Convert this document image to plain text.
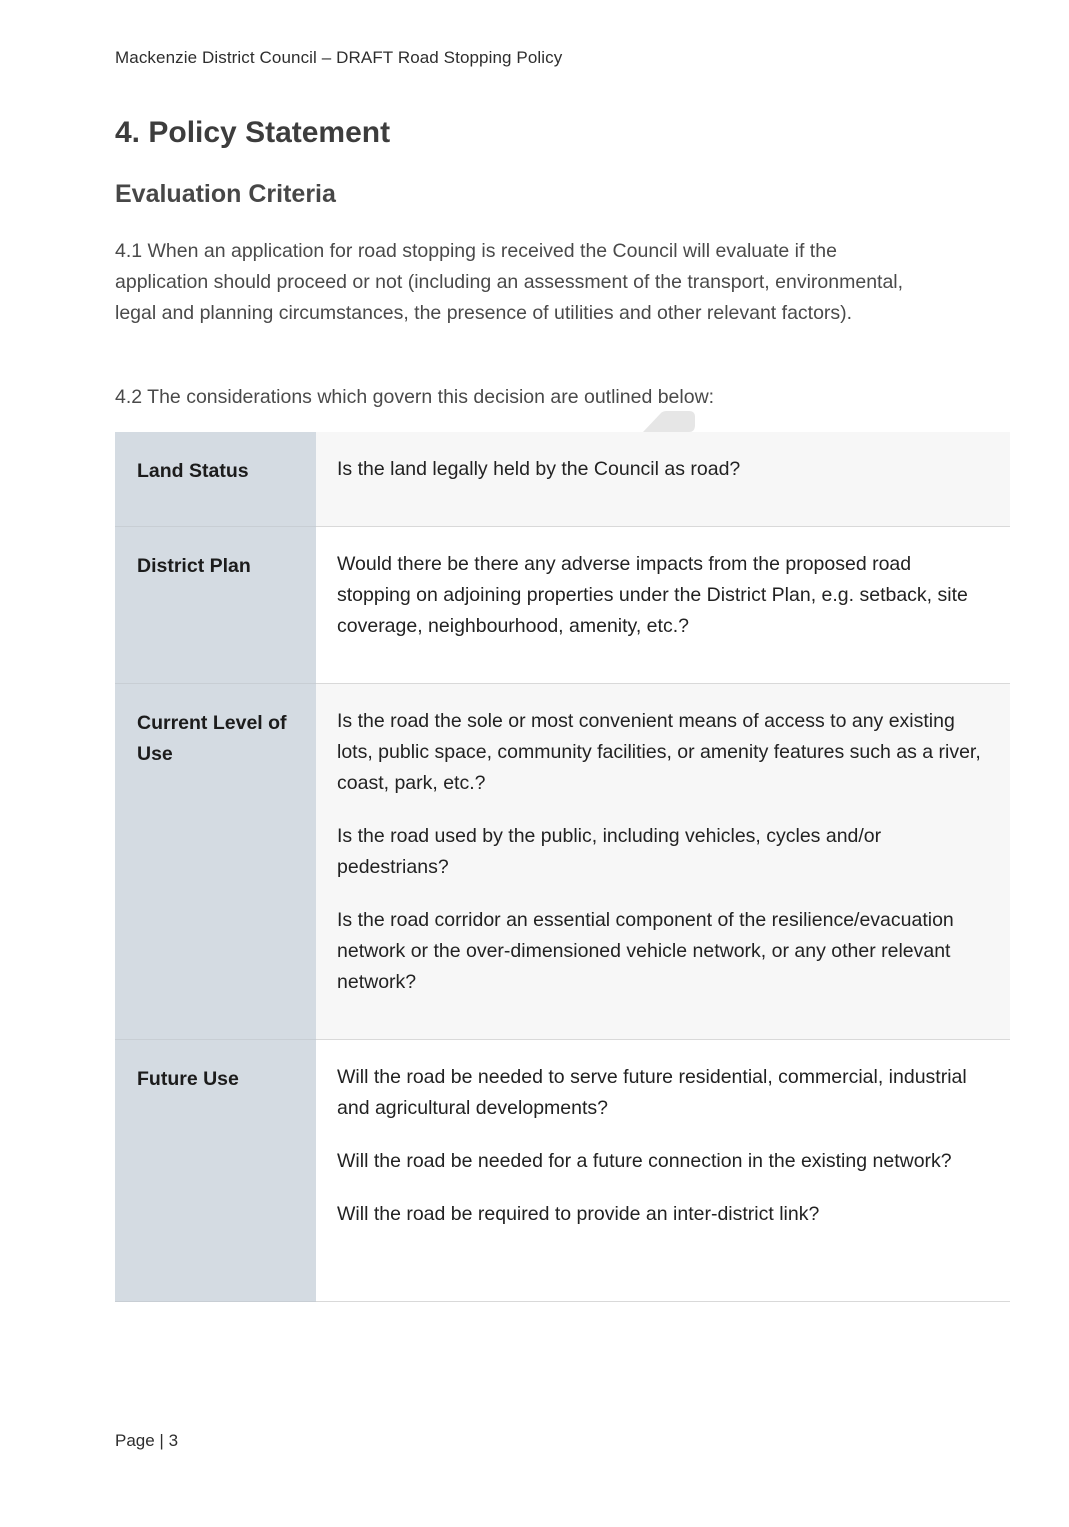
Mackenzie District Council – DRAFT Road Stopping Policy
4. Policy Statement
Evaluation Criteria

4.1 When an application for road stopping is received the Council will evaluate if the application should proceed or not (including an assessment of the transport, environmental, legal and planning circumstances, the presence of utilities and other relevant factors).

4.2 The considerations which govern this decision are outlined below:

Land Status	Is the land legally held by the Council as road?

District Plan	Would there be there any adverse impacts from the proposed road stopping on adjoining properties under the District Plan, e.g. setback, site coverage, neighbourhood, amenity, etc.?

Current Level of Use	Is the road the sole or most convenient means of access to any existing lots, public space, community facilities, or amenity features such as a river, coast, park, etc.?

Is the road used by the public, including vehicles, cycles and/or pedestrians?

Is the road corridor an essential component of the resilience/evacuation network or the over-dimensioned vehicle network, or any other relevant network?

Future Use	Will the road be needed to serve future residential, commercial, industrial and agricultural developments?

Will the road be needed for a future connection in the existing network?

Will the road be required to provide an inter-district link?

Page | 3
